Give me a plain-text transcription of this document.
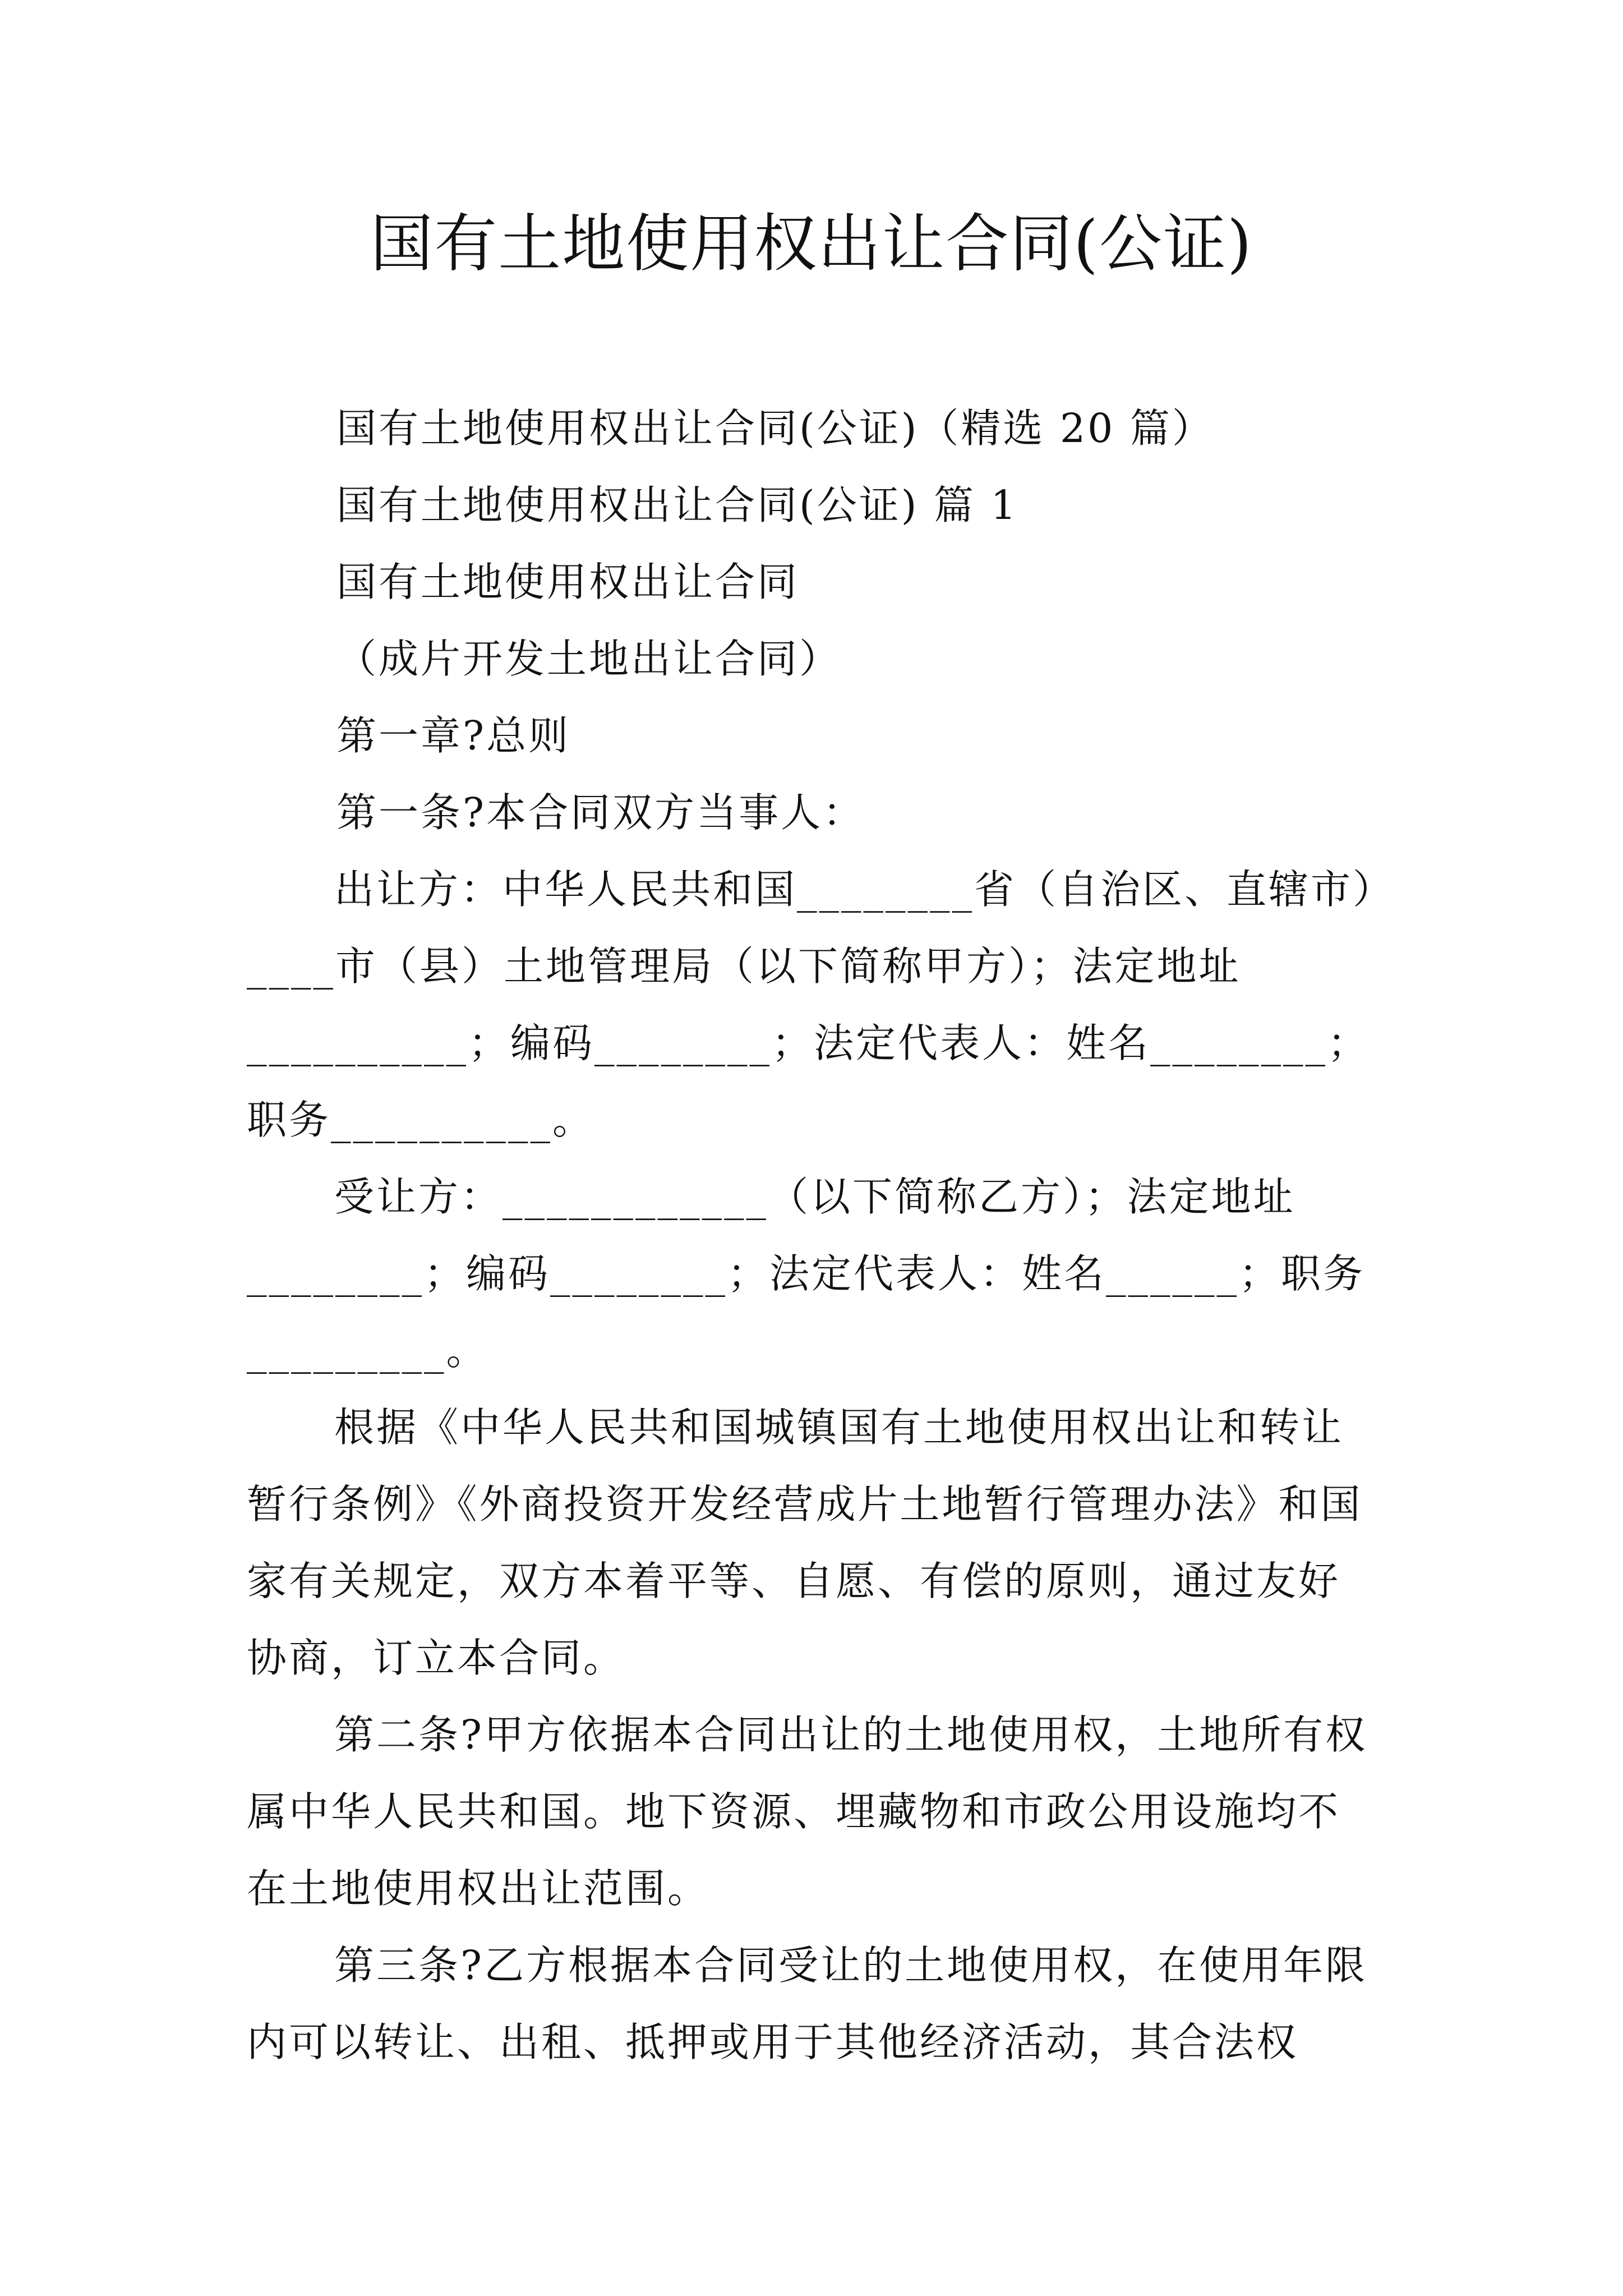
国有土地使用权出让合同(公证)
国有土地使用权出让合同(公证)（精选 20 篇）
国有土地使用权出让合同(公证) 篇 1
国有土地使用权出让合同
（成片开发土地出让合同）
第一章?总则
第一条?本合同双方当事人：

出让方：中华人民共和国________省（自治区、直辖市）____市（县）土地管理局（以下简称甲方）；法定地址__________；编码________；法定代表人：姓名________；职务__________。

受让方：____________（以下简称乙方）；法定地址________；编码________；法定代表人：姓名______；职务_________。

根据《中华人民共和国城镇国有土地使用权出让和转让暂行条例》《外商投资开发经营成片土地暂行管理办法》和国家有关规定，双方本着平等、自愿、有偿的原则，通过友好协商，订立本合同。

第二条?甲方依据本合同出让的土地使用权，土地所有权属中华人民共和国。地下资源、埋藏物和市政公用设施均不在土地使用权出让范围。

第三条?乙方根据本合同受让的土地使用权，在使用年限内可以转让、出租、抵押或用于其他经济活动，其合法权
